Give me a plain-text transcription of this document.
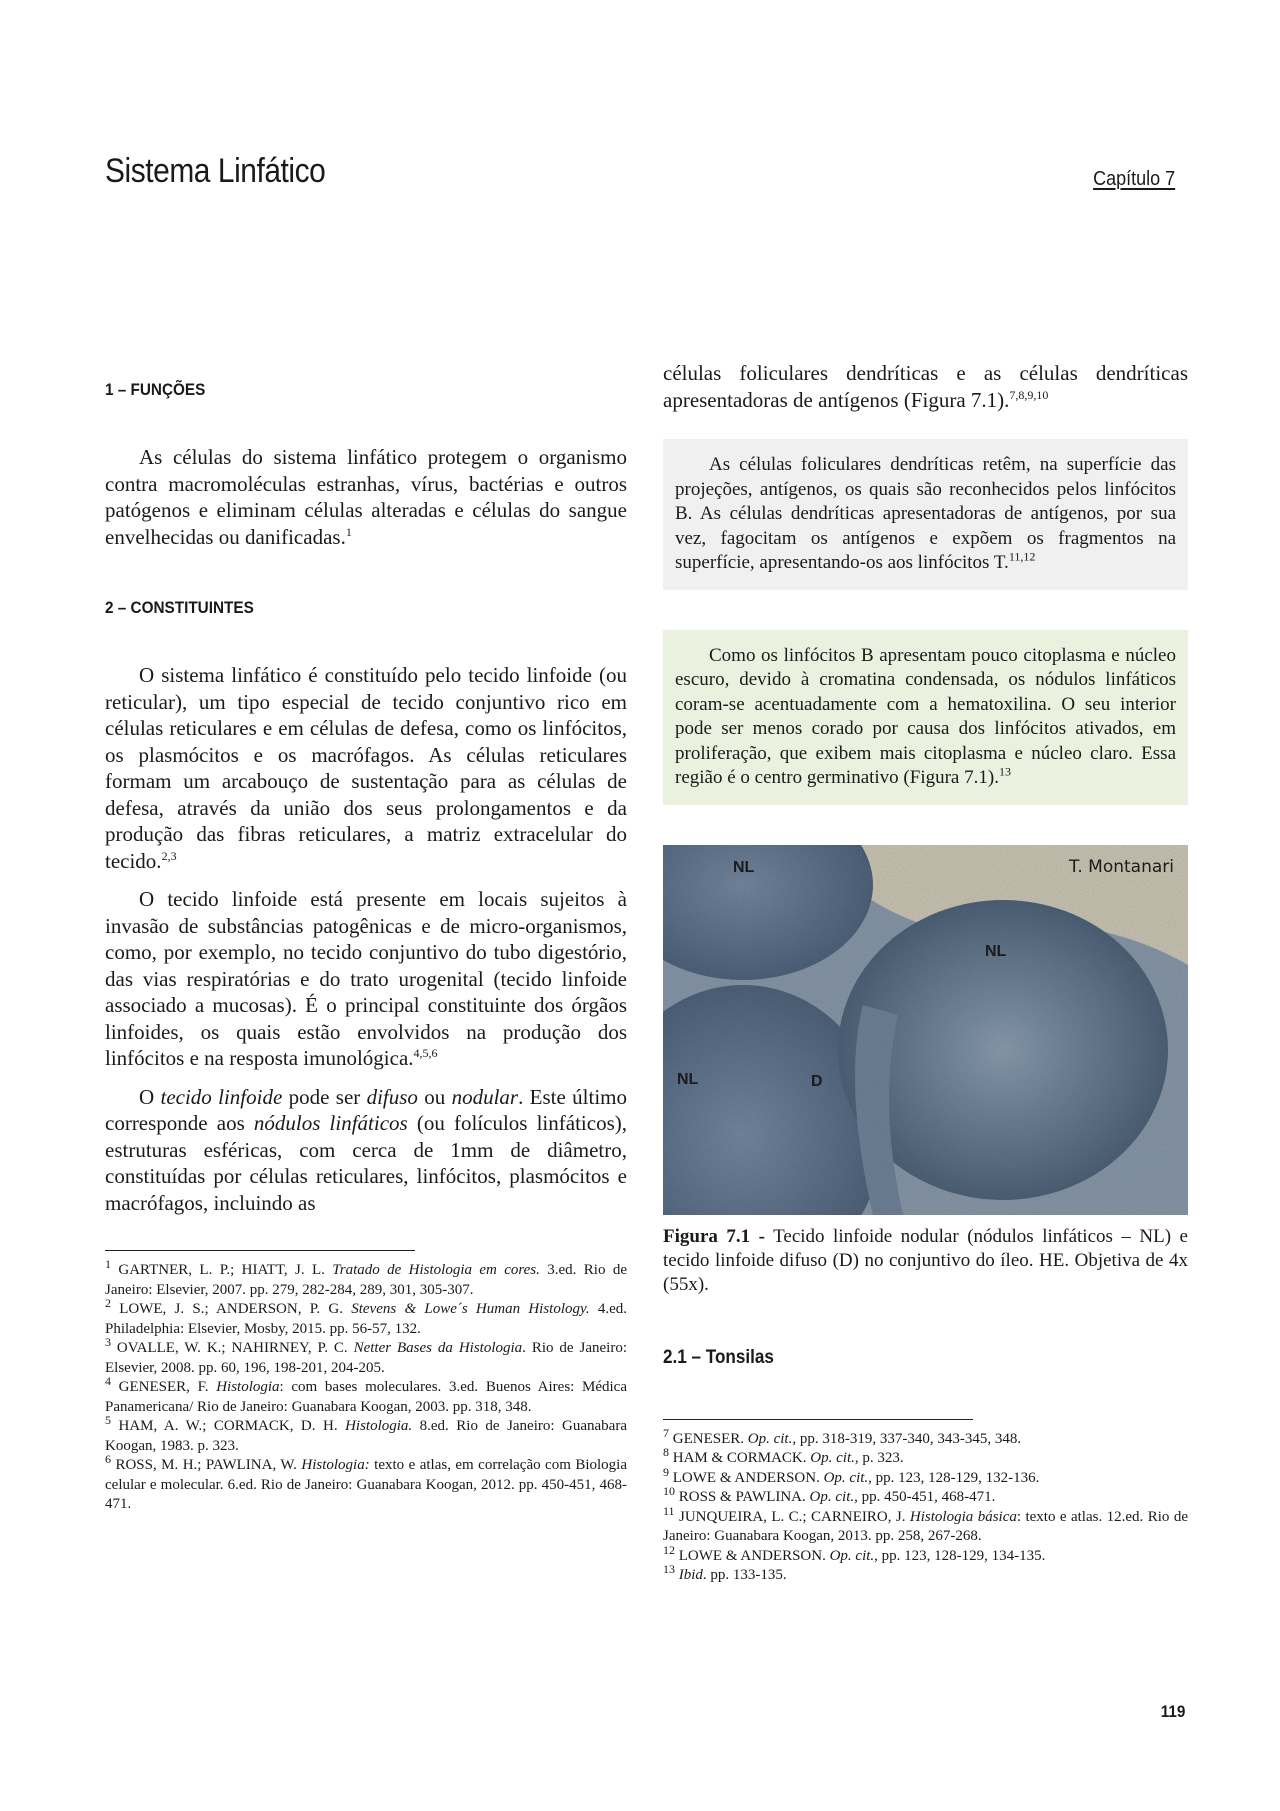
Sistema Linfático	Capítulo 7
1 – FUNÇÕES

As células do sistema linfático protegem o organismo contra macromoléculas estranhas, vírus, bactérias e outros patógenos e eliminam células alteradas e células do sangue envelhecidas ou danificadas.$^1$

2 – CONSTITUINTES

O sistema linfático é constituído pelo tecido linfoide (ou reticular), um tipo especial de tecido conjuntivo rico em células reticulares e em células de defesa, como os linfócitos, os plasmócitos e os macrófagos. As células reticulares formam um arcabouço de sustentação para as células de defesa, através da união dos seus prolongamentos e da produção das fibras reticulares, a matriz extracelular do tecido.$^{2,3}$

O tecido linfoide está presente em locais sujeitos à invasão de substâncias patogênicas e de micro-organismos, como, por exemplo, no tecido conjuntivo do tubo digestório, das vias respiratórias e do trato urogenital (tecido linfoide associado a mucosas). É o principal constituinte dos órgãos linfoides, os quais estão envolvidos na produção dos linfócitos e na resposta imunológica.$^{4,5,6}$

O tecido linfoide pode ser difuso ou nodular. Este último corresponde aos nódulos linfáticos (ou folículos linfáticos), estruturas esféricas, com cerca de 1mm de diâmetro, constituídas por células reticulares, linfócitos, plasmócitos e macrófagos, incluindo as

$^1$ GARTNER, L. P.; HIATT, J. L. Tratado de Histologia em cores. 3.ed. Rio de Janeiro: Elsevier, 2007. pp. 279, 282-284, 289, 301, 305-307.

$^2$ LOWE, J. S.; ANDERSON, P. G. Stevens & Lowe´s Human Histology. 4.ed. Philadelphia: Elsevier, Mosby, 2015. pp. 56-57, 132.

$^3$ OVALLE, W. K.; NAHIRNEY, P. C. Netter Bases da Histologia. Rio de Janeiro: Elsevier, 2008. pp. 60, 196, 198-201, 204-205.

$^4$ GENESER, F. Histologia: com bases moleculares. 3.ed. Buenos Aires: Médica Panamericana/ Rio de Janeiro: Guanabara Koogan, 2003. pp. 318, 348.

$^5$ HAM, A. W.; CORMACK, D. H. Histologia. 8.ed. Rio de Janeiro: Guanabara Koogan, 1983. p. 323.

$^6$ ROSS, M. H.; PAWLINA, W. Histologia: texto e atlas, em correlação com Biologia celular e molecular. 6.ed. Rio de Janeiro: Guanabara Koogan, 2012. pp. 450-451, 468-471.

células foliculares dendríticas e as células dendríticas apresentadoras de antígenos (Figura 7.1).$^{7,8,9,10}$

As células foliculares dendríticas retêm, na superfície das projeções, antígenos, os quais são reconhecidos pelos linfócitos B. As células dendríticas apresentadoras de antígenos, por sua vez, fagocitam os antígenos e expõem os fragmentos na superfície, apresentando-os aos linfócitos T.$^{11,12}$

Como os linfócitos B apresentam pouco citoplasma e núcleo escuro, devido à cromatina condensada, os nódulos linfáticos coram-se acentuadamente com a hematoxilina. O seu interior pode ser menos corado por causa dos linfócitos ativados, em proliferação, que exibem mais citoplasma e núcleo claro. Essa região é o centro germinativo (Figura 7.1).$^{13}$

T. Montanari
NL
NL
NL	D

Figura 7.1 - Tecido linfoide nodular (nódulos linfáticos – NL) e tecido linfoide difuso (D) no conjuntivo do íleo. HE. Objetiva de 4x (55x).

2.1 – Tonsilas

$^7$ GENESER. Op. cit., pp. 318-319, 337-340, 343-345, 348.

$^8$ HAM & CORMACK. Op. cit., p. 323.

$^9$ LOWE & ANDERSON. Op. cit., pp. 123, 128-129, 132-136.

$^{10}$ ROSS & PAWLINA. Op. cit., pp. 450-451, 468-471.

$^{11}$ JUNQUEIRA, L. C.; CARNEIRO, J. Histologia básica: texto e atlas. 12.ed. Rio de Janeiro: Guanabara Koogan, 2013. pp. 258, 267-268.

$^{12}$ LOWE & ANDERSON. Op. cit., pp. 123, 128-129, 134-135.

$^{13}$ Ibid. pp. 133-135.

119
